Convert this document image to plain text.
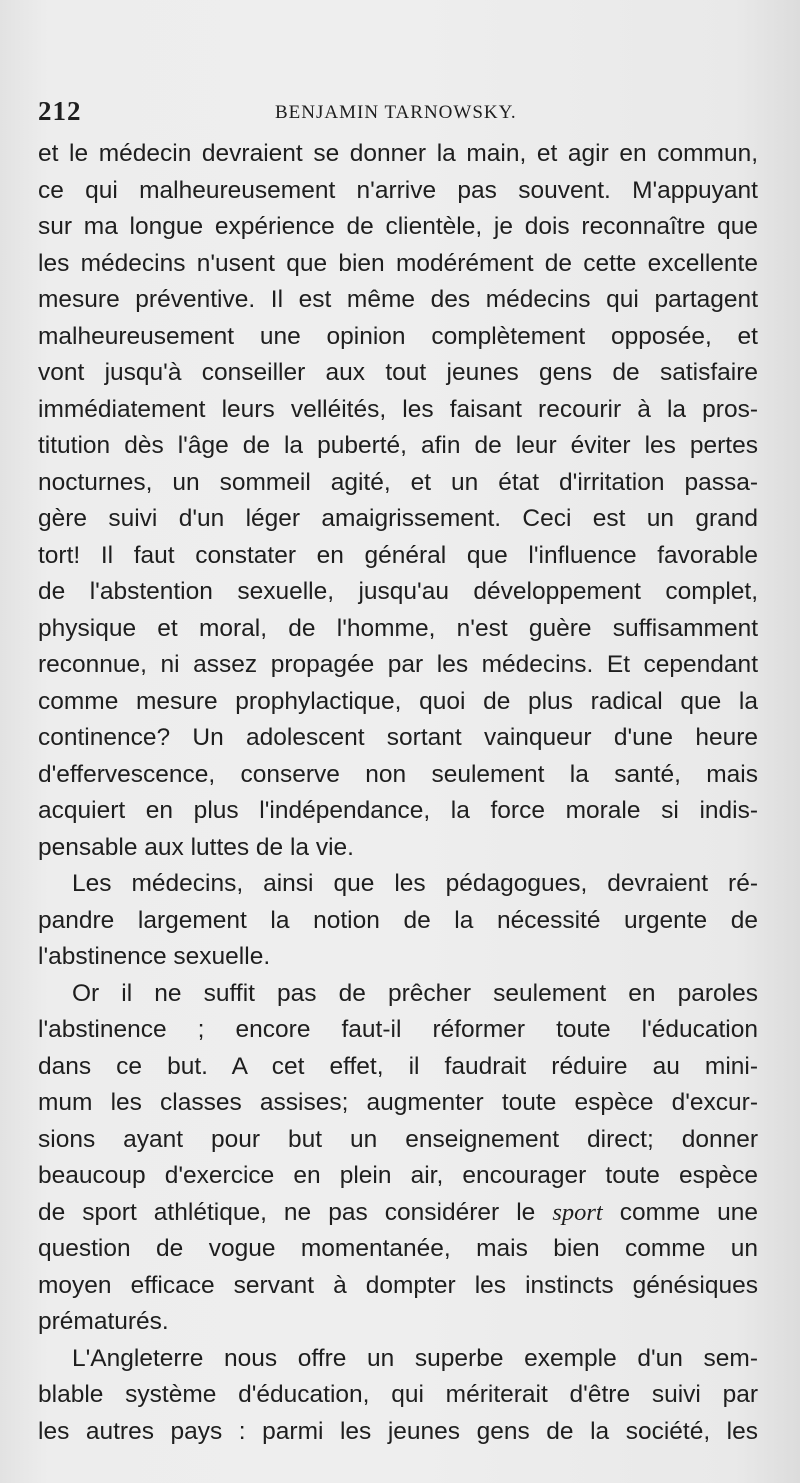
212	BENJAMIN TARNOWSKY.
et le médecin devraient se donner la main, et agir en commun,
ce qui malheureusement n'arrive pas souvent. M'appuyant
sur ma longue expérience de clientèle, je dois reconnaître que
les médecins n'usent que bien modérément de cette excellente
mesure préventive. Il est même des médecins qui partagent
malheureusement une opinion complètement opposée, et
vont jusqu'à conseiller aux tout jeunes gens de satisfaire
immédiatement leurs velléités, les faisant recourir à la pros-
titution dès l'âge de la puberté, afin de leur éviter les pertes
nocturnes, un sommeil agité, et un état d'irritation passa-
gère suivi d'un léger amaigrissement. Ceci est un grand
tort! Il faut constater en général que l'influence favorable
de l'abstention sexuelle, jusqu'au développement complet,
physique et moral, de l'homme, n'est guère suffisamment
reconnue, ni assez propagée par les médecins. Et cependant
comme mesure prophylactique, quoi de plus radical que la
continence? Un adolescent sortant vainqueur d'une heure
d'effervescence, conserve non seulement la santé, mais
acquiert en plus l'indépendance, la force morale si indis-
pensable aux luttes de la vie.
Les médecins, ainsi que les pédagogues, devraient ré-
pandre largement la notion de la nécessité urgente de
l'abstinence sexuelle.
Or il ne suffit pas de prêcher seulement en paroles
l'abstinence ; encore faut-il réformer toute l'éducation
dans ce but. A cet effet, il faudrait réduire au mini-
mum les classes assises; augmenter toute espèce d'excur-
sions ayant pour but un enseignement direct; donner
beaucoup d'exercice en plein air, encourager toute espèce
de sport athlétique, ne pas considérer le sport comme une
question de vogue momentanée, mais bien comme un
moyen efficace servant à dompter les instincts génésiques
prématurés.
L'Angleterre nous offre un superbe exemple d'un sem-
blable système d'éducation, qui mériterait d'être suivi par
les autres pays : parmi les jeunes gens de la société, les
